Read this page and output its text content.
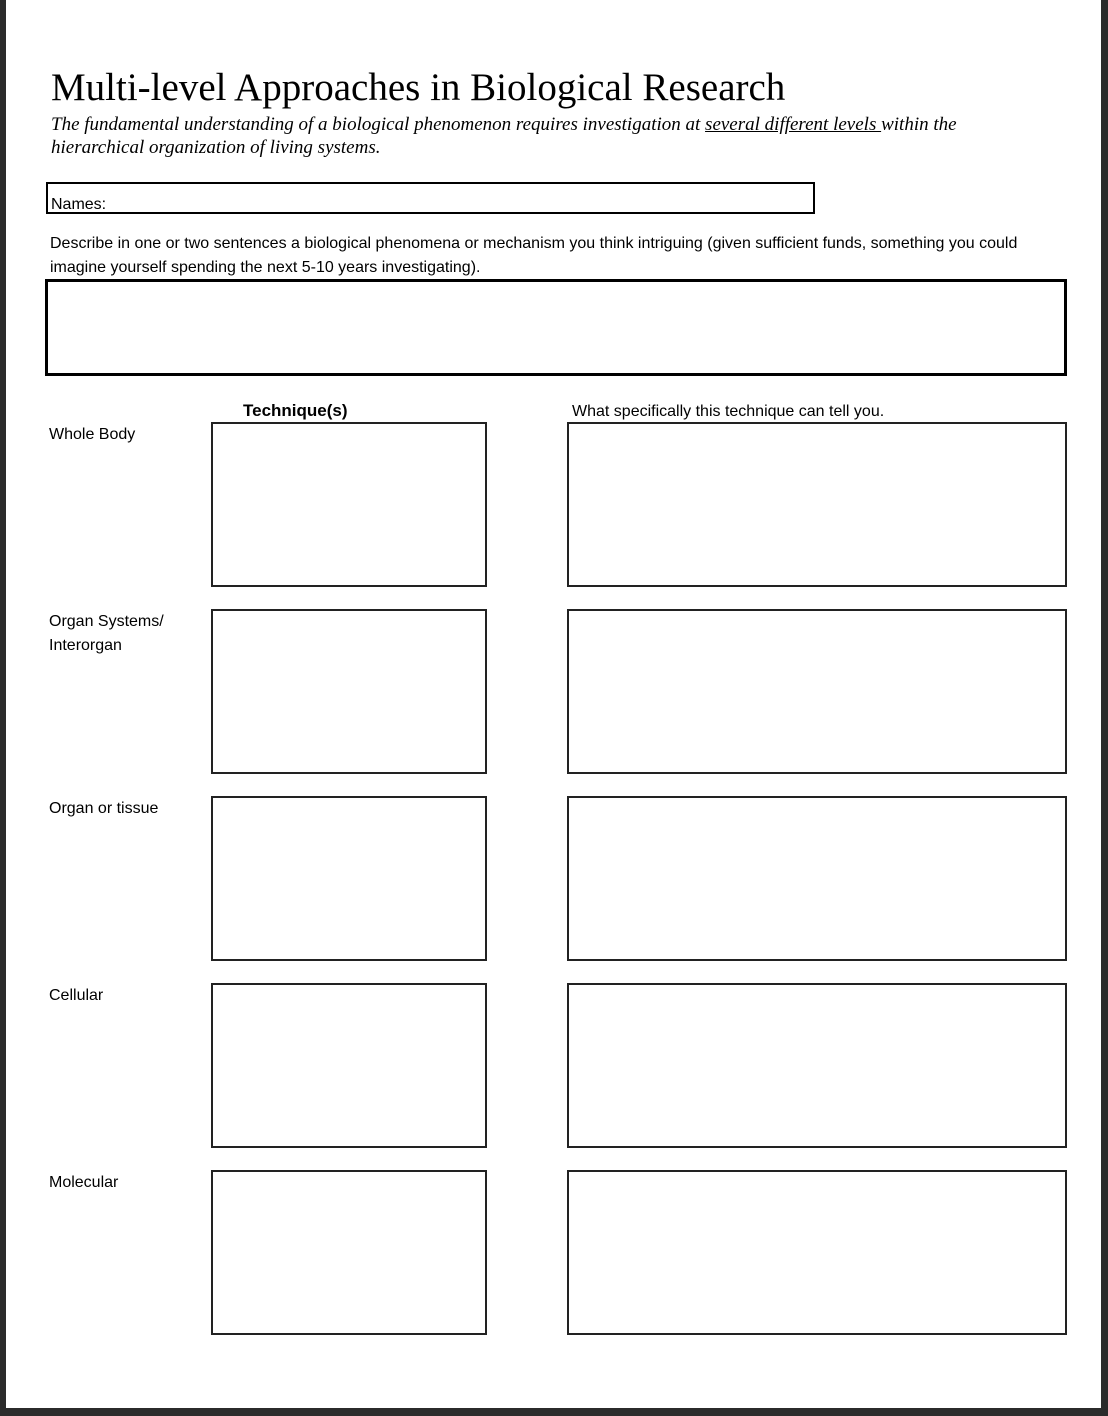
Multi-level Approaches in Biological Research
The fundamental understanding of a biological phenomenon requires investigation at several different levels within the hierarchical organization of living systems.
Names:
Describe in one or two sentences a biological phenomena or mechanism you think intriguing (given sufficient funds, something you could imagine yourself spending the next 5-10 years investigating).
Technique(s)	What specifically this technique can tell you.
Whole Body
Organ Systems/
Interorgan
Organ or tissue
Cellular
Molecular
